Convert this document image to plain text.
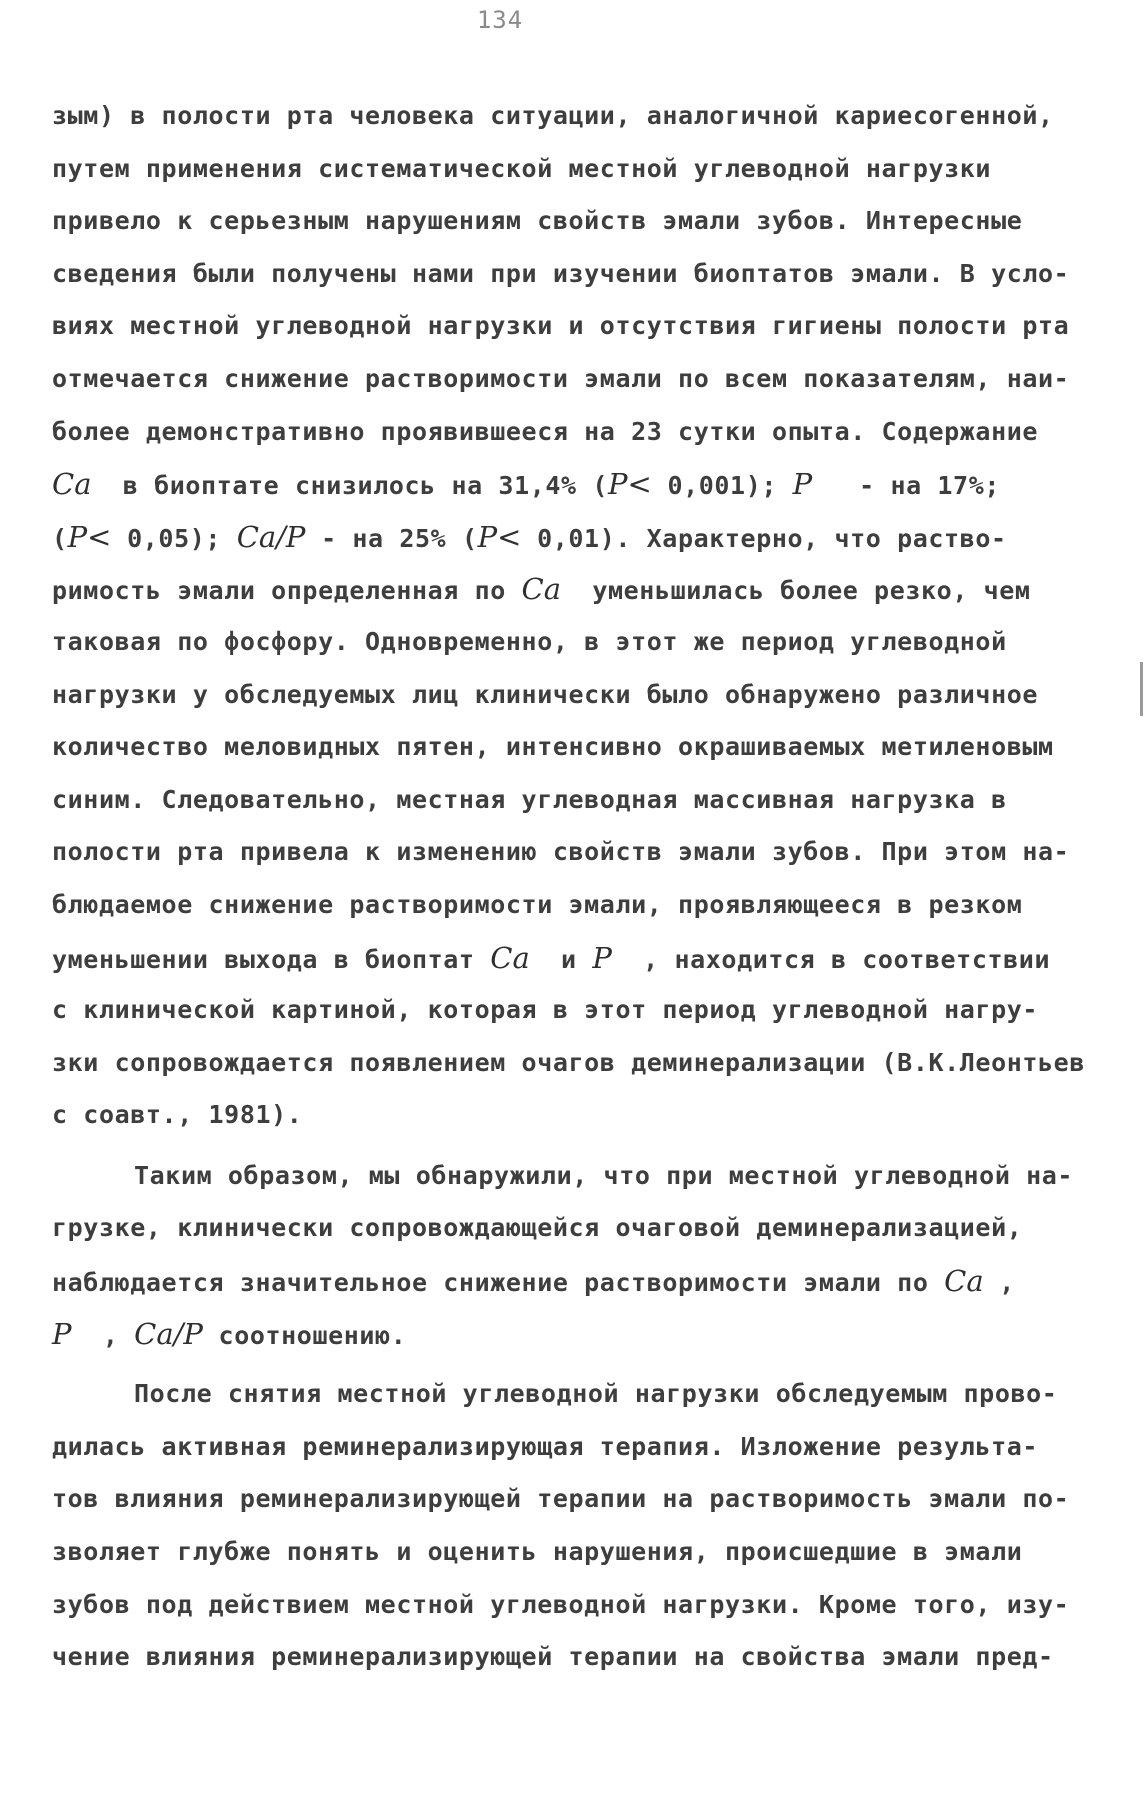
134
зым) в полости рта человека ситуации, аналогичной кариесогенной,
путем применения систематической местной углеводной нагрузки
привело к серьезным нарушениям свойств эмали зубов. Интересные
сведения были получены нами при изучении биоптатов эмали. В усло-
виях местной углеводной нагрузки и отсутствия гигиены полости рта
отмечается снижение растворимости эмали по всем показателям, наи-
более демонстративно проявившееся на 23 сутки опыта. Содержание
Ca  в биоптате снизилось на 31,4% (P< 0,001); P   - на 17%;
(P< 0,05); Ca/P - на 25% (P< 0,01). Характерно, что раство-
римость эмали определенная по Ca  уменьшилась более резко, чем
таковая по фосфору. Одновременно, в этот же период углеводной
нагрузки у обследуемых лиц клинически было обнаружено различное
количество меловидных пятен, интенсивно окрашиваемых метиленовым
синим. Следовательно, местная углеводная массивная нагрузка в
полости рта привела к изменению свойств эмали зубов. При этом на-
блюдаемое снижение растворимости эмали, проявляющееся в резком
уменьшении выхода в биоптат Ca  и P  , находится в соответствии
с клинической картиной, которая в этот период углеводной нагру-
зки сопровождается появлением очагов деминерализации (В.К.Леонтьев
с соавт., 1981).
Таким образом, мы обнаружили, что при местной углеводной на-
грузке, клинически сопровождающейся очаговой деминерализацией,
наблюдается значительное снижение растворимости эмали по Ca ,
P  , Ca/P соотношению.
После снятия местной углеводной нагрузки обследуемым прово-
дилась активная реминерализирующая терапия. Изложение результа-
тов влияния реминерализирующей терапии на растворимость эмали по-
зволяет глубже понять и оценить нарушения, происшедшие в эмали
зубов под действием местной углеводной нагрузки. Кроме того, изу-
чение влияния реминерализирующей терапии на свойства эмали пред-
